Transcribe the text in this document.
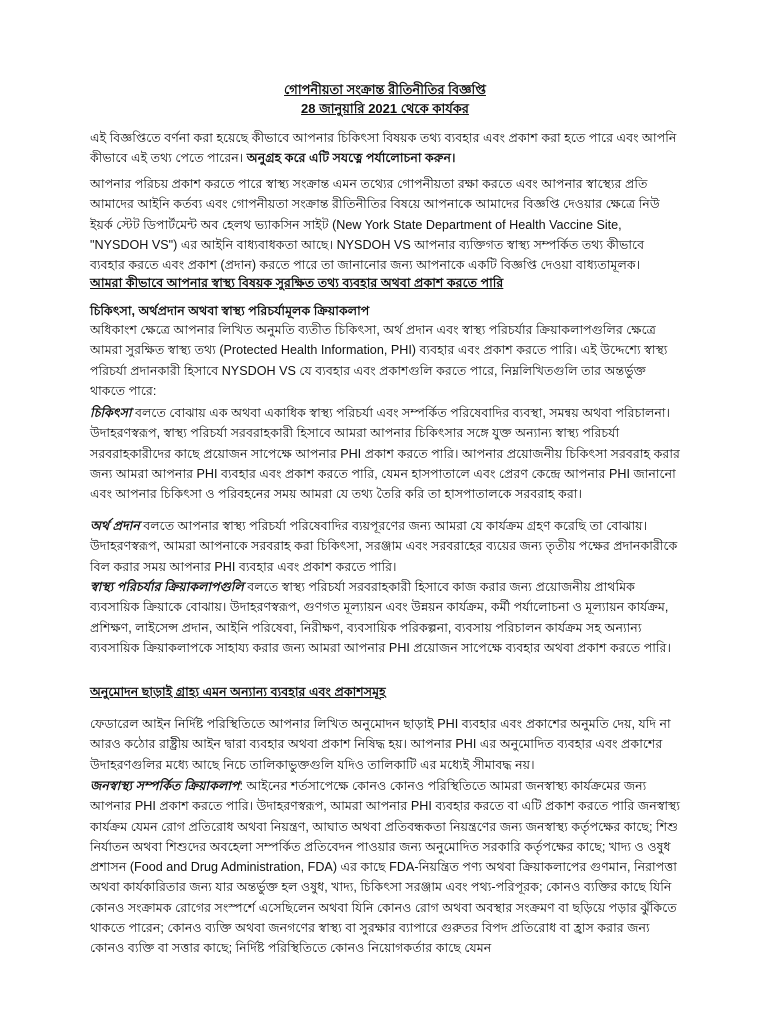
গোপনীয়তা সংক্রান্ত রীতিনীতির বিজ্ঞপ্তি
28 জানুয়ারি 2021 থেকে কার্যকর

এই বিজ্ঞপ্তিতে বর্ণনা করা হয়েছে কীভাবে আপনার চিকিৎসা বিষয়ক তথ্য ব্যবহার এবং প্রকাশ করা হতে পারে এবং আপনি কীভাবে এই তথ্য পেতে পারেন। অনুগ্রহ করে এটি সযত্নে পর্যালোচনা করুন।

আপনার পরিচয় প্রকাশ করতে পারে স্বাস্থ্য সংক্রান্ত এমন তথ্যের গোপনীয়তা রক্ষা করতে এবং আপনার স্বাস্থ্যের প্রতি আমাদের আইনি কর্তব্য এবং গোপনীয়তা সংক্রান্ত রীতিনীতির বিষয়ে আপনাকে আমাদের বিজ্ঞপ্তি দেওয়ার ক্ষেত্রে নিউ ইয়র্ক স্টেট ডিপার্টমেন্ট অব হেলথ ভ্যাকসিন সাইট (New York State Department of Health Vaccine Site, "NYSDOH VS") এর আইনি বাধ্যবাধকতা আছে। NYSDOH VS আপনার ব্যক্তিগত স্বাস্থ্য সম্পর্কিত তথ্য কীভাবে ব্যবহার করতে এবং প্রকাশ (প্রদান) করতে পারে তা জানানোর জন্য আপনাকে একটি বিজ্ঞপ্তি দেওয়া বাধ্যতামূলক।

আমরা কীভাবে আপনার স্বাস্থ্য বিষয়ক সুরক্ষিত তথ্য ব্যবহার অথবা প্রকাশ করতে পারি

চিকিৎসা, অর্থপ্রদান অথবা স্বাস্থ্য পরিচর্যামূলক ক্রিয়াকলাপ

অধিকাংশ ক্ষেত্রে আপনার লিখিত অনুমতি ব্যতীত চিকিৎসা, অর্থ প্রদান এবং স্বাস্থ্য পরিচর্যার ক্রিয়াকলাপগুলির ক্ষেত্রে আমরা সুরক্ষিত স্বাস্থ্য তথ্য (Protected Health Information, PHI) ব্যবহার এবং প্রকাশ করতে পারি। এই উদ্দেশ্যে স্বাস্থ্য পরিচর্যা প্রদানকারী হিসাবে NYSDOH VS যে ব্যবহার এবং প্রকাশগুলি করতে পারে, নিম্নলিখিতগুলি তার অন্তর্ভুক্ত থাকতে পারে:

চিকিৎসা বলতে বোঝায় এক অথবা একাধিক স্বাস্থ্য পরিচর্যা এবং সম্পর্কিত পরিষেবাদির ব্যবস্থা, সমন্বয় অথবা পরিচালনা। উদাহরণস্বরূপ, স্বাস্থ্য পরিচর্যা সরবরাহকারী হিসাবে আমরা আপনার চিকিৎসার সঙ্গে যুক্ত অন্যান্য স্বাস্থ্য পরিচর্যা সরবরাহকারীদের কাছে প্রয়োজন সাপেক্ষে আপনার PHI প্রকাশ করতে পারি। আপনার প্রয়োজনীয় চিকিৎসা সরবরাহ করার জন্য আমরা আপনার PHI ব্যবহার এবং প্রকাশ করতে পারি, যেমন হাসপাতালে এবং প্রেরণ কেন্দ্রে আপনার PHI জানানো এবং আপনার চিকিৎসা ও পরিবহনের সময় আমরা যে তথ্য তৈরি করি তা হাসপাতালকে সরবরাহ করা।

অর্থ প্রদান বলতে আপনার স্বাস্থ্য পরিচর্যা পরিষেবাদির ব্যয়পূরণের জন্য আমরা যে কার্যক্রম গ্রহণ করেছি তা বোঝায়। উদাহরণস্বরূপ, আমরা আপনাকে সরবরাহ করা চিকিৎসা, সরঞ্জাম এবং সরবরাহের ব্যয়ের জন্য তৃতীয় পক্ষের প্রদানকারীকে বিল করার সময় আপনার PHI ব্যবহার এবং প্রকাশ করতে পারি।

স্বাস্থ্য পরিচর্যার ক্রিয়াকলাপগুলি বলতে স্বাস্থ্য পরিচর্যা সরবরাহকারী হিসাবে কাজ করার জন্য প্রয়োজনীয় প্রাথমিক ব্যবসায়িক ক্রিয়াকে বোঝায়। উদাহরণস্বরূপ, গুণগত মূল্যায়ন এবং উন্নয়ন কার্যক্রম, কর্মী পর্যালোচনা ও মূল্যায়ন কার্যক্রম, প্রশিক্ষণ, লাইসেন্স প্রদান, আইনি পরিষেবা, নিরীক্ষণ, ব্যবসায়িক পরিকল্পনা, ব্যবসায় পরিচালন কার্যক্রম সহ অন্যান্য ব্যবসায়িক ক্রিয়াকলাপকে সাহায্য করার জন্য আমরা আপনার PHI প্রয়োজন সাপেক্ষে ব্যবহার অথবা প্রকাশ করতে পারি।

অনুমোদন ছাড়াই গ্রাহ্য এমন অন্যান্য ব্যবহার এবং প্রকাশসমূহ

ফেডারেল আইন নির্দিষ্ট পরিস্থিতিতে আপনার লিখিত অনুমোদন ছাড়াই PHI ব্যবহার এবং প্রকাশের অনুমতি দেয়, যদি না আরও কঠোর রাষ্ট্রীয় আইন দ্বারা ব্যবহার অথবা প্রকাশ নিষিদ্ধ হয়। আপনার PHI এর অনুমোদিত ব্যবহার এবং প্রকাশের উদাহরণগুলির মধ্যে আছে নিচে তালিকাভুক্তগুলি যদিও তালিকাটি এর মধ্যেই সীমাবদ্ধ নয়।

জনস্বাস্থ্য সম্পর্কিত ক্রিয়াকলাপ: আইনের শর্তসাপেক্ষে কোনও কোনও পরিস্থিতিতে আমরা জনস্বাস্থ্য কার্যক্রমের জন্য আপনার PHI প্রকাশ করতে পারি। উদাহরণস্বরূপ, আমরা আপনার PHI ব্যবহার করতে বা এটি প্রকাশ করতে পারি জনস্বাস্থ্য কার্যক্রম যেমন রোগ প্রতিরোধ অথবা নিয়ন্ত্রণ, আঘাত অথবা প্রতিবন্ধকতা নিয়ন্ত্রণের জন্য জনস্বাস্থ্য কর্তৃপক্ষের কাছে; শিশু নির্যাতন অথবা শিশুদের অবহেলা সম্পর্কিত প্রতিবেদন পাওয়ার জন্য অনুমোদিত সরকারি কর্তৃপক্ষের কাছে; খাদ্য ও ওষুধ প্রশাসন (Food and Drug Administration, FDA) এর কাছে FDA-নিয়ন্ত্রিত পণ্য অথবা ক্রিয়াকলাপের গুণমান, নিরাপত্তা অথবা কার্যকারিতার জন্য যার অন্তর্ভুক্ত হল ওষুধ, খাদ্য, চিকিৎসা সরঞ্জাম এবং পথ্য-পরিপূরক; কোনও ব্যক্তির কাছে যিনি কোনও সংক্রামক রোগের সংস্পর্শে এসেছিলেন অথবা যিনি কোনও রোগ অথবা অবস্থার সংক্রমণ বা ছড়িয়ে পড়ার ঝুঁকিতে থাকতে পারেন; কোনও ব্যক্তি অথবা জনগণের স্বাস্থ্য বা সুরক্ষার ব্যাপারে গুরুতর বিপদ প্রতিরোধ বা হ্রাস করার জন্য কোনও ব্যক্তি বা সত্তার কাছে; নির্দিষ্ট পরিস্থিতিতে কোনও নিয়োগকর্তার কাছে যেমন
